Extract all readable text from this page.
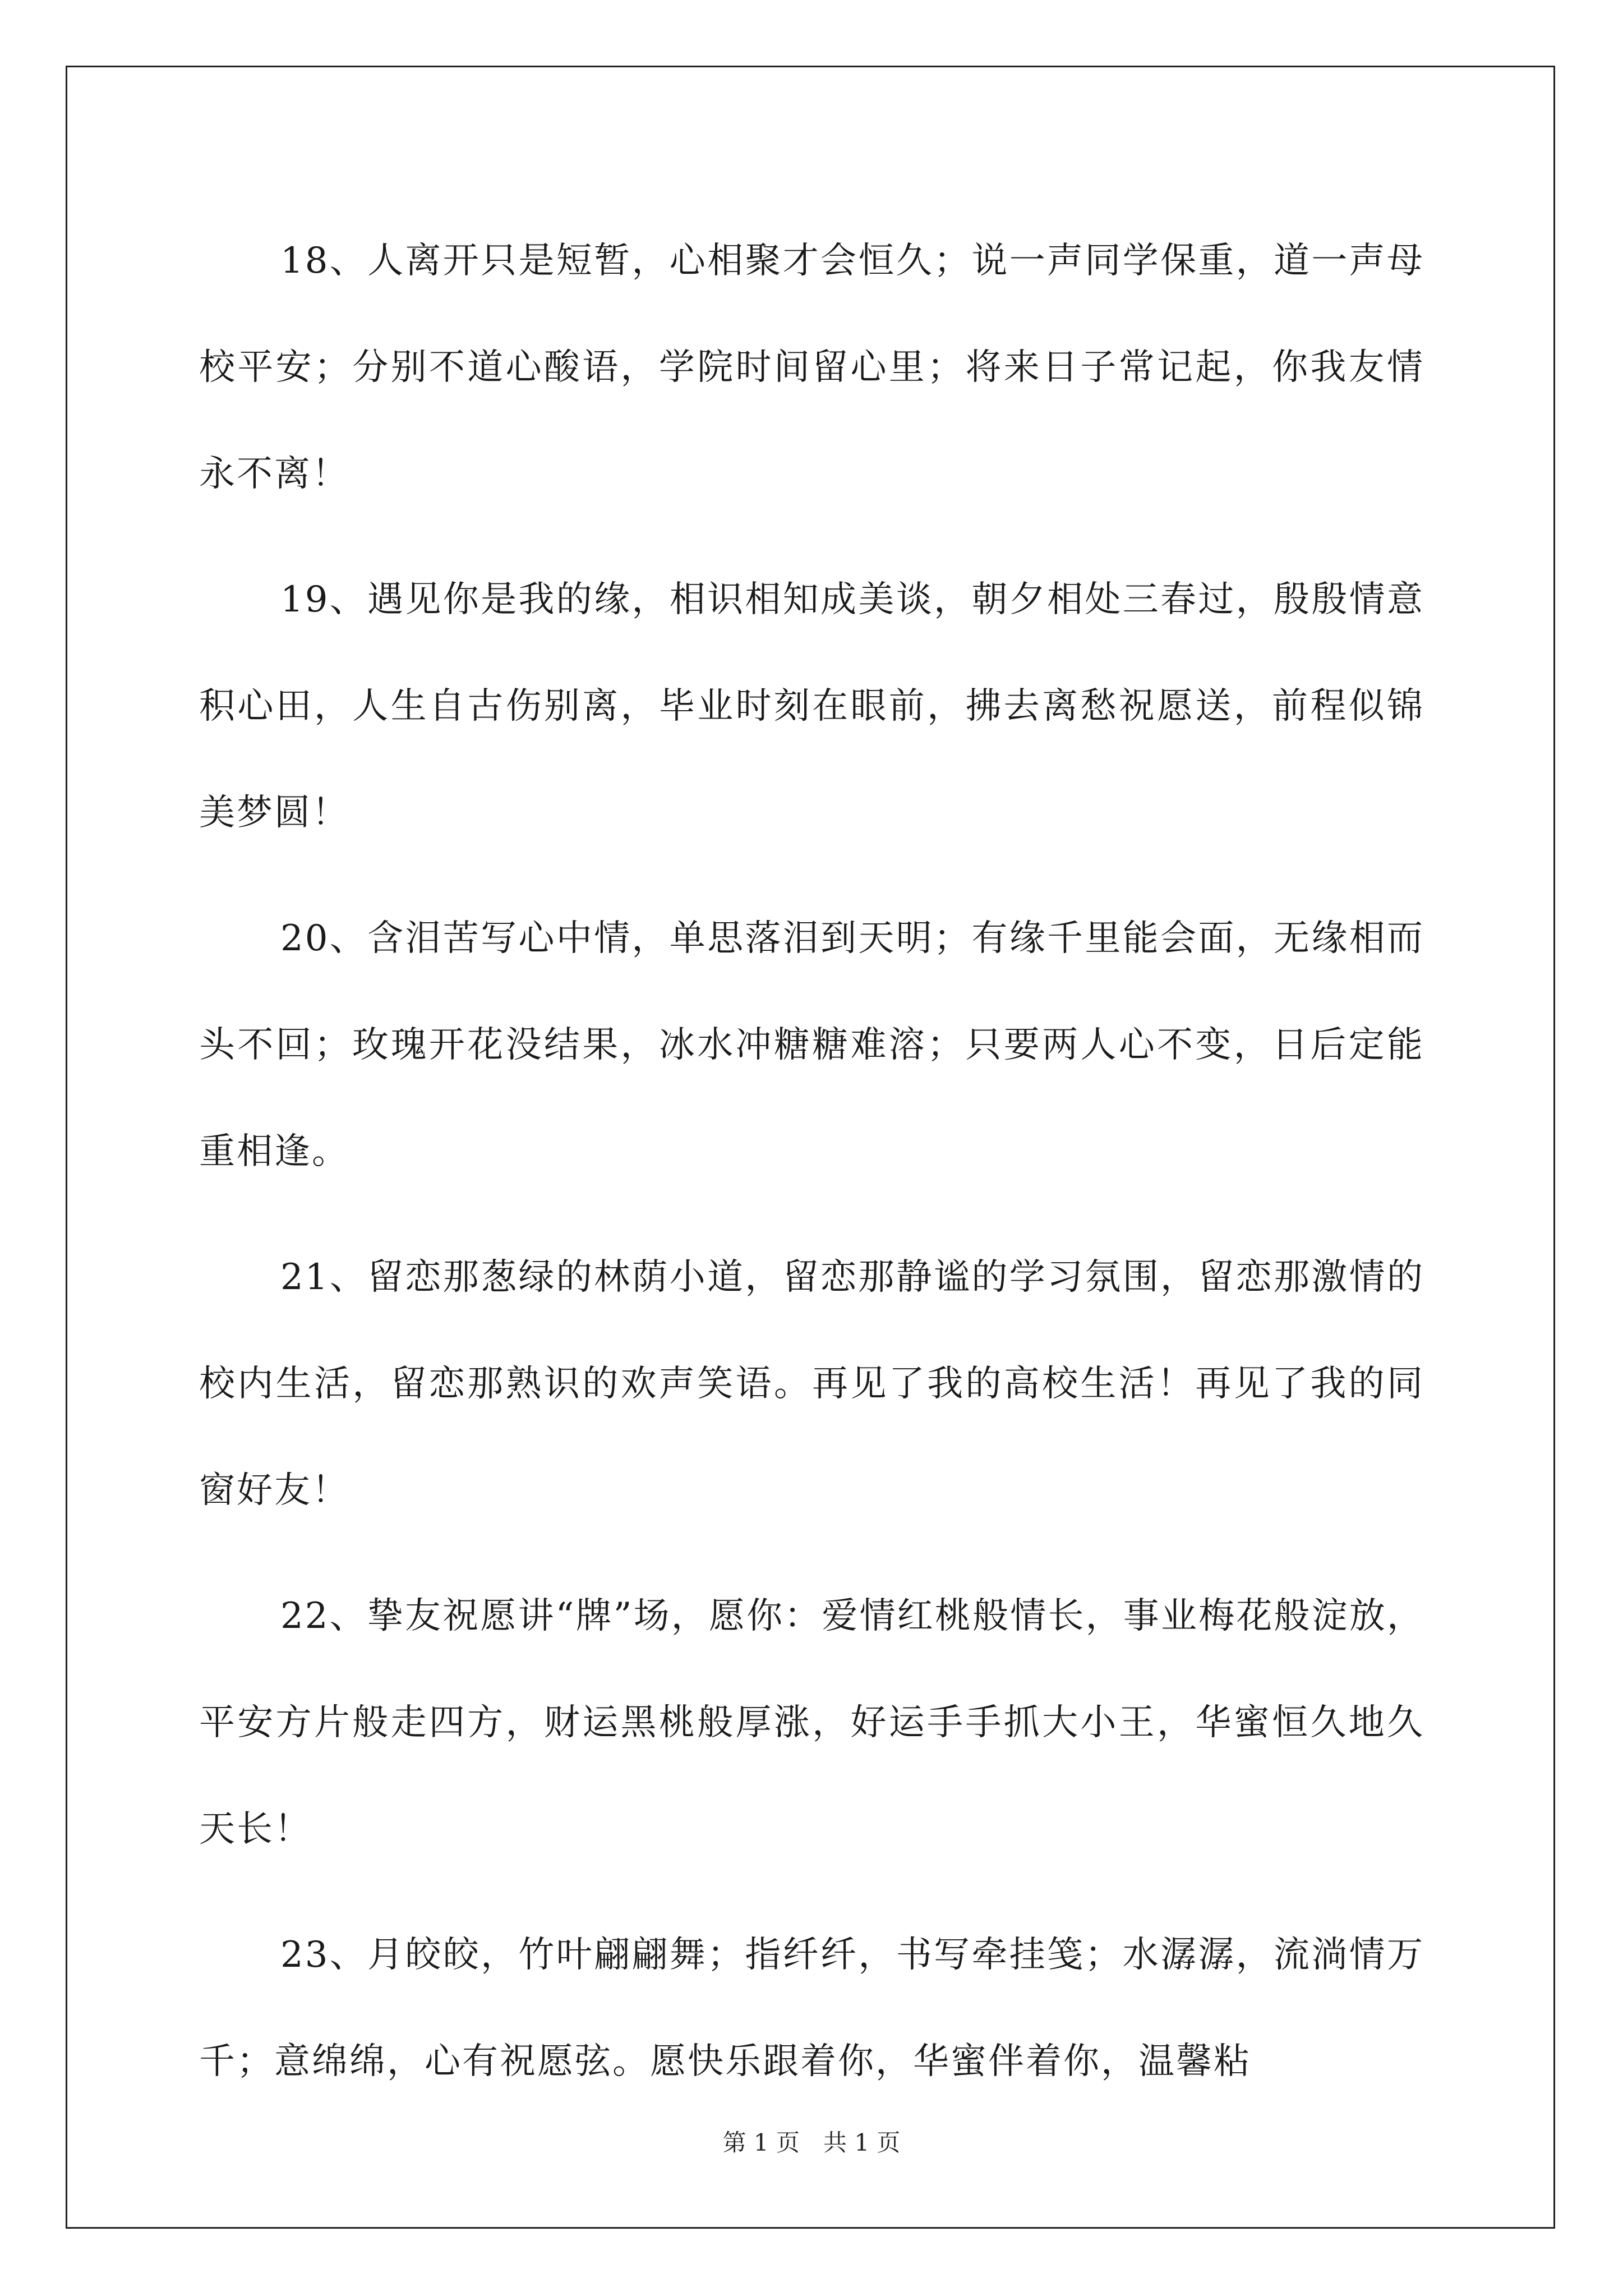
18、人离开只是短暂，心相聚才会恒久；说一声同学保重，道一声母校平安；分别不道心酸语，学院时间留心里；将来日子常记起，你我友情永不离！

19、遇见你是我的缘，相识相知成美谈，朝夕相处三春过，殷殷情意积心田，人生自古伤别离，毕业时刻在眼前，拂去离愁祝愿送，前程似锦美梦圆！

20、含泪苦写心中情，单思落泪到天明；有缘千里能会面，无缘相而头不回；玫瑰开花没结果，冰水冲糖糖难溶；只要两人心不变，日后定能重相逢。

21、留恋那葱绿的林荫小道，留恋那静谧的学习氛围，留恋那激情的校内生活，留恋那熟识的欢声笑语。再见了我的高校生活！再见了我的同窗好友！

22、挚友祝愿讲“牌”场，愿你：爱情红桃般情长，事业梅花般淀放，平安方片般走四方，财运黑桃般厚涨，好运手手抓大小王，华蜜恒久地久天长！

23、月皎皎，竹叶翩翩舞；指纤纤，书写牵挂笺；水潺潺，流淌情万千；意绵绵，心有祝愿弦。愿快乐跟着你，华蜜伴着你，温馨粘

第 1 页　共 1 页
